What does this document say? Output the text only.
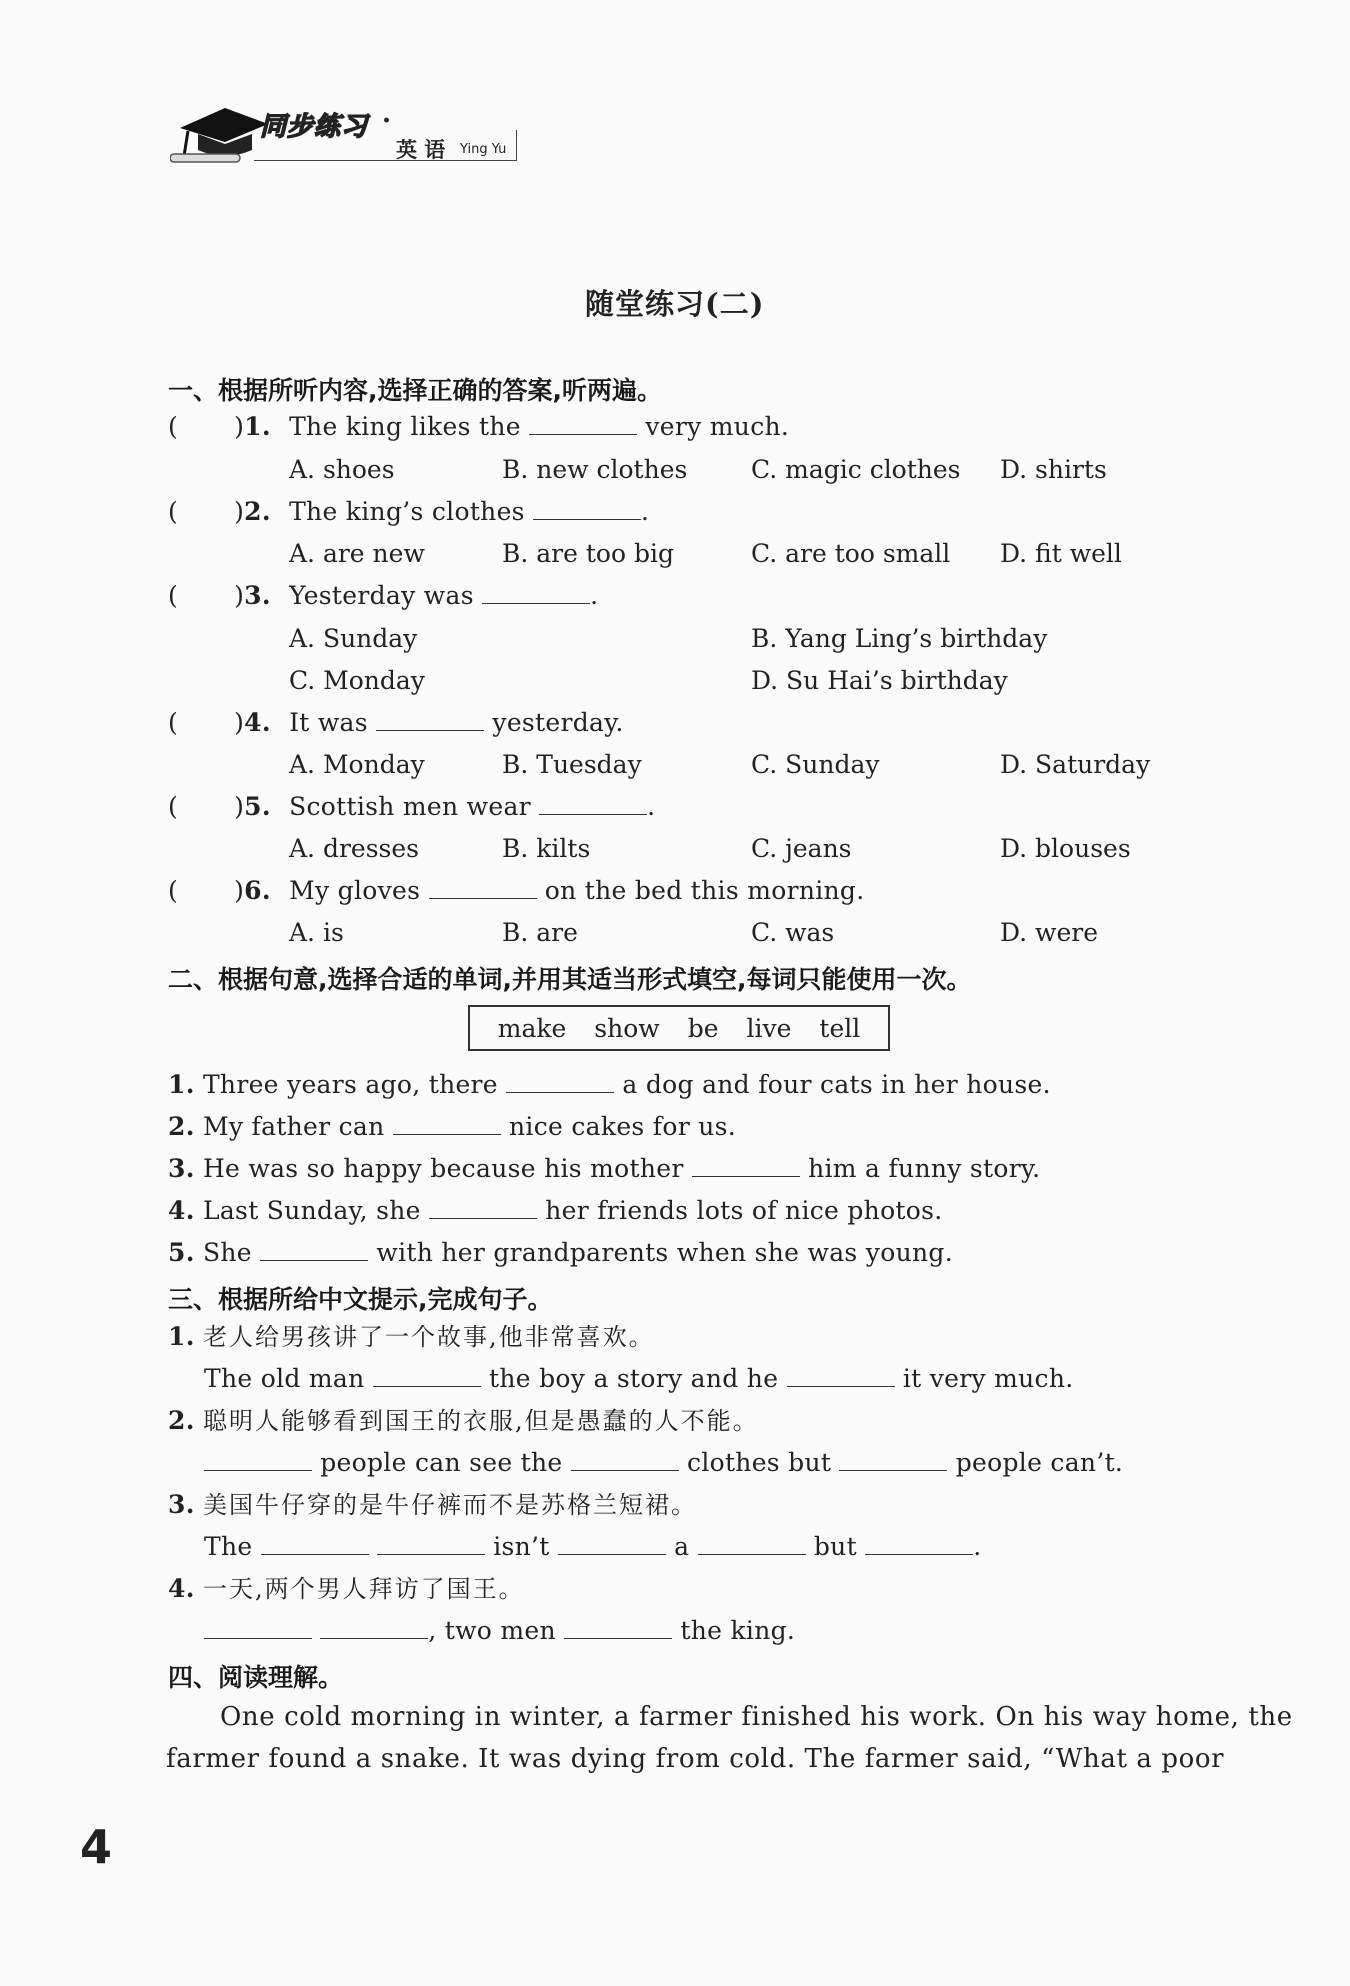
同步练习 ·
英 语 Ying Yu
随堂练习(二)
一、根据所听内容,选择正确的答案,听两遍。
( )1. The king likes the	very much.
A. shoes	B. new clothes	C. magic clothes D. shirts
( )2. The king’s clothes	.
A. are new	B. are too big	C. are too small D. fit well
( )3. Yesterday was	.
A. Sunday	B. Yang Ling’s birthday
C. Monday	D. Su Hai’s birthday
( )4. It was	yesterday.
A. Monday	B. Tuesday	C. Sunday	D. Saturday
( )5. Scottish men wear	.
A. dresses	B. kilts	C. jeans	D. blouses
( )6. My gloves	on the bed this morning.
A. is	B. are	C. was	D. were
二、根据句意,选择合适的单词,并用其适当形式填空,每词只能使用一次。
make show be live tell
1. Three years ago, there	a dog and four cats in her house.
2. My father can	nice cakes for us.
3. He was so happy because his mother	him a funny story.
4. Last Sunday, she	her friends lots of nice photos.
5. She	with her grandparents when she was young.
三、根据所给中文提示,完成句子。
1. 老人给男孩讲了一个故事,他非常喜欢。
The old man	the boy a story and he	it very much.
2. 聪明人能够看到国王的衣服,但是愚蠢的人不能。
people can see the	clothes but	people can’t.
3. 美国牛仔穿的是牛仔裤而不是苏格兰短裙。
The	isn’t	a	but	.
4. 一天,两个男人拜访了国王。
, two men	the king.
四、阅读理解。
One cold morning in winter, a farmer finished his work. On his way home, the
farmer found a snake. It was dying from cold. The farmer said, “What a poor
4
